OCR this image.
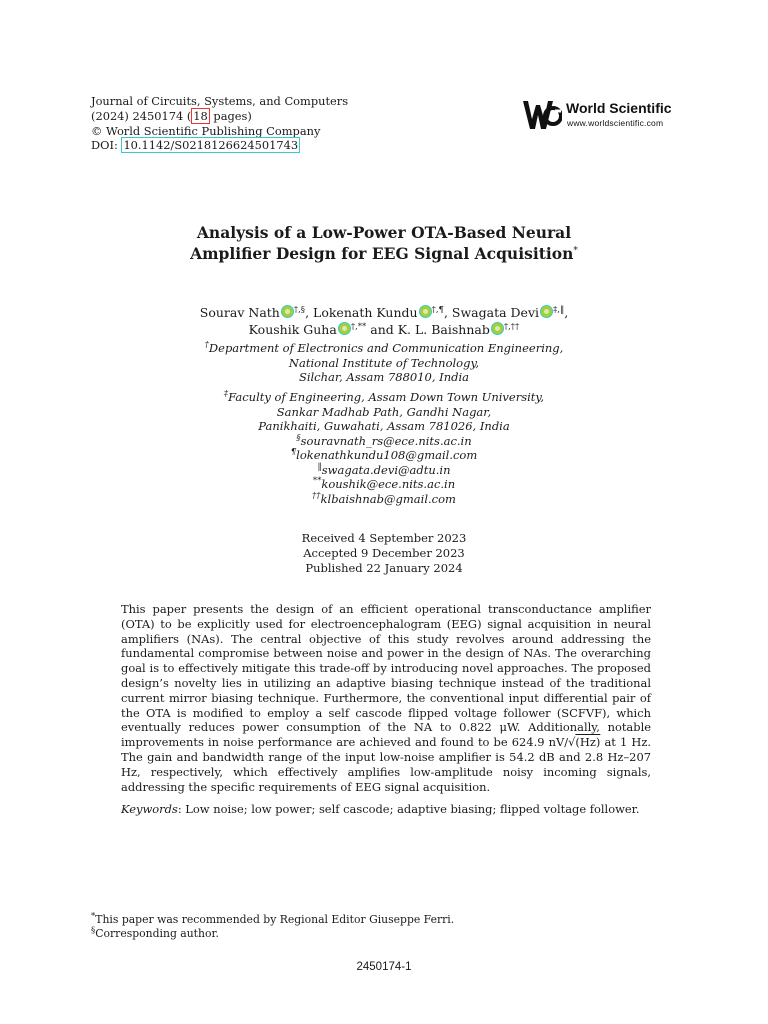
Journal of Circuits, Systems, and Computers
(2024) 2450174 ( 18 pages)
© World Scientific Publishing Company
DOI: 10.1142/S0218126624501743
World Scientific
www.worldscientific.com
Analysis of a Low-Power OTA-Based Neural
Amplifier Design for EEG Signal Acquisition*
Sourav Nath †,§, Lokenath Kundu †,¶, Swagata Devi ‡,‖,
Koushik Guha †,** and K. L. Baishnab †,††
†Department of Electronics and Communication Engineering,
National Institute of Technology,
Silchar, Assam 788010, India
‡Faculty of Engineering, Assam Down Town University,
Sankar Madhab Path, Gandhi Nagar,
Panikhaiti, Guwahati, Assam 781026, India
§souravnath_rs@ece.nits.ac.in
¶lokenathkundu108@gmail.com
‖swagata.devi@adtu.in
**koushik@ece.nits.ac.in
††klbaishnab@gmail.com
Received 4 September 2023
Accepted 9 December 2023
Published 22 January 2024

This paper presents the design of an efficient operational transconductance amplifier (OTA) to be explicitly used for electroencephalogram (EEG) signal acquisition in neural amplifiers (NAs). The central objective of this study revolves around addressing the fundamental compromise between noise and power in the design of NAs. The overarching goal is to effectively mitigate this trade-off by introducing novel approaches. The proposed design’s novelty lies in utilizing an adaptive biasing technique instead of the traditional current mirror biasing technique. Furthermore, the conventional input differential pair of the OTA is modified to employ a self cascode flipped voltage follower (SCFVF), which eventually reduces power consumption of the NA to 0.822 μW. Additionally, notable improvements in noise performance are achieved and found to be 624.9 nV/√(Hz) at 1 Hz. The gain and bandwidth range of the input low-noise amplifier is 54.2 dB and 2.8 Hz–207 Hz, respectively, which effectively amplifies low-amplitude noisy incoming signals, addressing the specific requirements of EEG signal acquisition.

Keywords: Low noise; low power; self cascode; adaptive biasing; flipped voltage follower.
*This paper was recommended by Regional Editor Giuseppe Ferri.
§Corresponding author.
2450174-1
